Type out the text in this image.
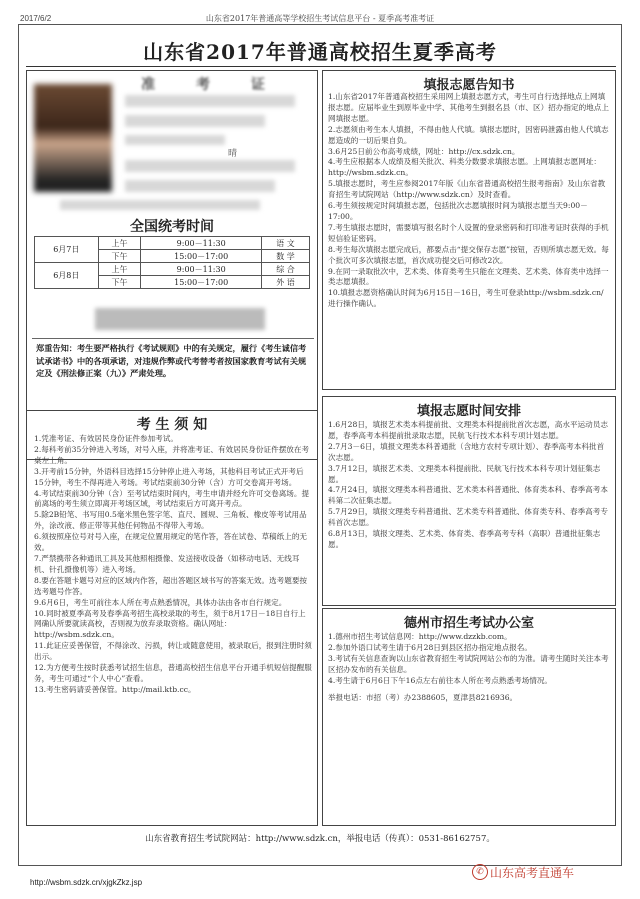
2017/6/2	山东省2017年普通高等学校招生考试信息平台 - 夏季高考准考证
山东省2017年普通高校招生夏季高考
准 考 证
晴
全国统考时间
6月7日	上午	9:00－11:30	语 文
	下午	15:00－17:00	数 学
6月8日	上午	9:00－11:30	综 合
	下午	15:00－17:00	外 语
郑重告知：考生要严格执行《考试规则》中的有关规定，履行《考生诚信考试承诺书》中的各项承诺，对违规作弊或代考替考者按国家教育考试有关规定及《刑法修正案（九）》严肃处理。
考 生 须 知

1.凭准考证、有效居民身份证件参加考试。

2.每科考前35分钟进入考场，对号入座，并将准考证、有效居民身份证件摆放在考桌左上角。

3.开考前15分钟，外语科目选择15分钟停止进入考场，其他科目考试正式开考后15分钟，考生不得再进入考场。考试结束前30分钟（含）方可交卷离开考场。

4.考试结束前30分钟（含）至考试结束时间内，考生申请并经允许可交卷离场。提前离场的考生须立即离开考场区域，考试结束后方可离开考点。

5.除2B铅笔、书写用0.5毫米黑色签字笔、直尺、圆规、三角板、橡皮等考试用品外，涂改液、修正带等其他任何物品不得带入考场。

6.须按照座位号对号入座，在规定位置用规定的笔作答，答在试卷、草稿纸上的无效。

7.严禁携带各种通讯工具及其他照相摄像、发送接收设备（如移动电话、无线耳机、针孔摄像机等）进入考场。

8.要在答题卡题号对应的区域内作答，超出答题区域书写的答案无效。选考题要按选考题号作答。

9.6月6日，考生可前往本人所在考点熟悉情况，具体办法由各市自行规定。

10.同时被夏季高考及春季高考招生高校录取的考生，须于8月17日－18日自行上网确认所要就读高校，否则视为放弃录取资格。确认网址：http://wsbm.sdzk.cn。

11.此证应妥善保管，不得涂改、污损，转让或随意使用，被录取后，报到注册时须出示。

12.为方便考生按时获悉考试招生信息，普通高校招生信息平台开通手机短信提醒服务，考生可通过“个人中心”查看。

13.考生密码请妥善保管。http://mail.ktb.cc。

填报志愿告知书

1.山东省2017年普通高校招生采用网上填报志愿方式，考生可自行选择地点上网填报志愿。应届毕业生到原毕业中学、其他考生到报名县（市、区）招办指定的地点上网填报志愿。

2.志愿须由考生本人填报，不得由他人代填。填报志愿时，因密码泄露由他人代填志愿造成的一切后果自负。

3.6月25日前公布高考成绩，网址：http://cx.sdzk.cn。

4.考生应根据本人成绩及相关批次、科类分数要求填报志愿。上网填报志愿网址：http://wsbm.sdzk.cn。

5.填报志愿时，考生应参阅2017年版《山东省普通高校招生报考指南》及山东省教育招生考试院网站（http://www.sdzk.cn）及时查看。

6.考生须按规定时间填报志愿，包括批次志愿填报时间为填报志愿当天9:00－17:00。

7.考生填报志愿时，需要填写报名时个人设置的登录密码和打印准考证时获得的手机短信验证密码。

8.考生每次填报志愿完成后，都要点击“提交保存志愿”按钮，否则所填志愿无效。每个批次可多次填报志愿，首次成功提交后可修改2次。

9.在同一录取批次中，艺术类、体育类考生只能在文理类、艺术类、体育类中选择一类志愿填报。

10.填报志愿资格确认时间为6月15日－16日，考生可登录http://wsbm.sdzk.cn/进行操作确认。

填报志愿时间安排

1.6月28日，填报艺术类本科提前批、文理类本科提前批首次志愿，高水平运动员志愿，春季高考本科提前批录取志愿，民航飞行技术本科专项计划志愿。

2.7月3－6日，填报文理类本科普通批（含地方农村专项计划）、春季高考本科批首次志愿。

3.7月12日，填报艺术类、文理类本科提前批、民航飞行技术本科专项计划征集志愿。

4.7月24日，填报文理类本科普通批、艺术类本科普通批、体育类本科、春季高考本科第二次征集志愿。

5.7月29日，填报文理类专科普通批、艺术类专科普通批、体育类专科、春季高考专科首次志愿。

6.8月13日，填报文理类、艺术类、体育类、春季高考专科（高职）普通批征集志愿。

德州市招生考试办公室

1.德州市招生考试信息网：http://www.dzzkb.com。

2.参加外语口试考生请于6月28日到县区招办指定地点报名。

3.考试有关信息查询以山东省教育招生考试院网站公布的为准。请考生随时关注本考区招办发布的有关信息。

4.考生请于6月6日下午16点左右前往本人所在考点熟悉考场情况。

举报电话：市招（考）办2388605，夏津县8216936。

山东省教育招生考试院网站：http://www.sdzk.cn，举报电话（传真）：0531-86162757。
http://wsbm.sdzk.cn/xjgkZkz.jsp
✆ 山东高考直通车
